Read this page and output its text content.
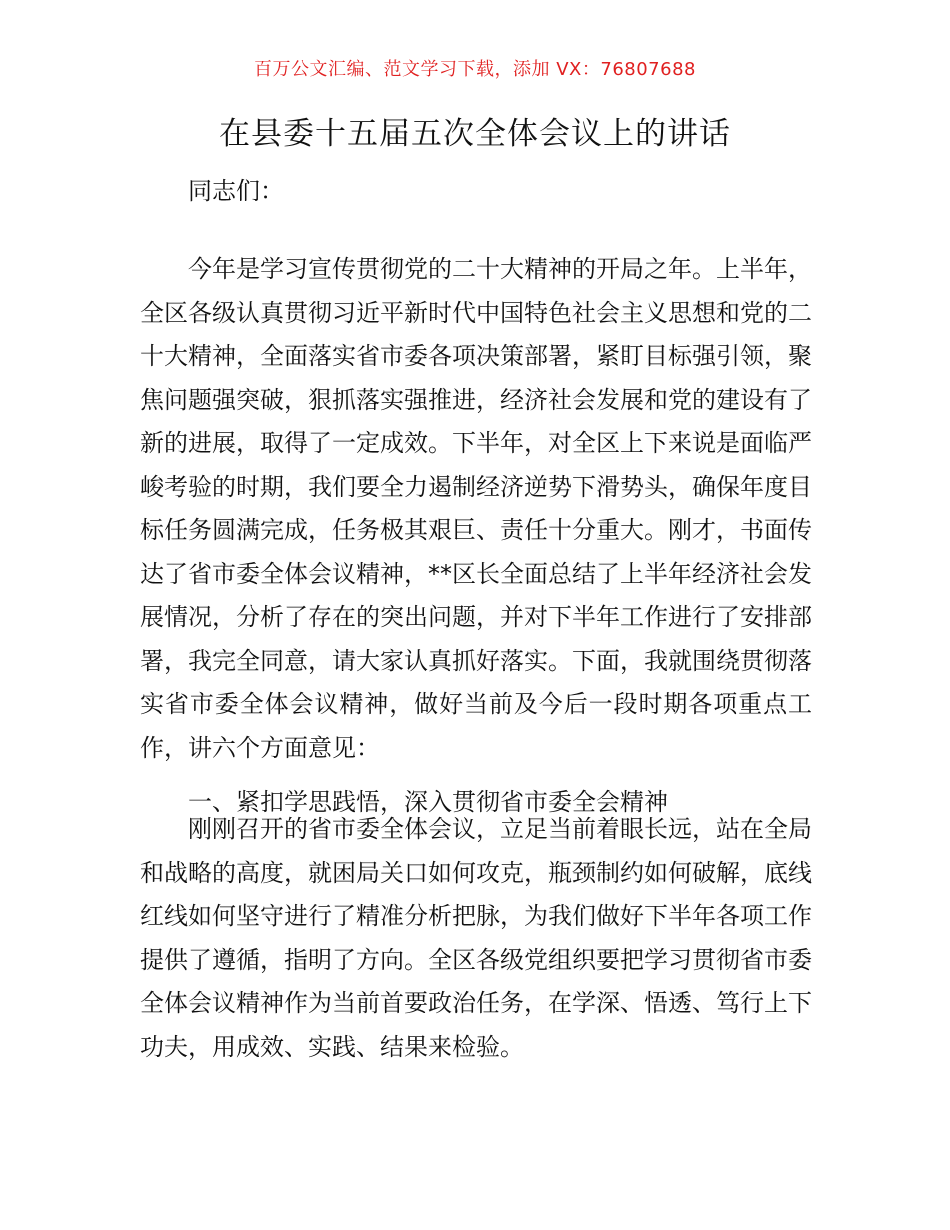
百万公文汇编、范文学习下载，添加 VX：76807688
在县委十五届五次全体会议上的讲话

同志们：

今年是学习宣传贯彻党的二十大精神的开局之年。上半年，全区各级认真贯彻习近平新时代中国特色社会主义思想和党的二十大精神，全面落实省市委各项决策部署，紧盯目标强引领，聚焦问题强突破，狠抓落实强推进，经济社会发展和党的建设有了新的进展，取得了一定成效。下半年，对全区上下来说是面临严峻考验的时期，我们要全力遏制经济逆势下滑势头，确保年度目标任务圆满完成，任务极其艰巨、责任十分重大。刚才，书面传达了省市委全体会议精神，**区长全面总结了上半年经济社会发展情况，分析了存在的突出问题，并对下半年工作进行了安排部署，我完全同意，请大家认真抓好落实。下面，我就围绕贯彻落实省市委全体会议精神，做好当前及今后一段时期各项重点工作，讲六个方面意见：

一、紧扣学思践悟，深入贯彻省市委全会精神

刚刚召开的省市委全体会议，立足当前着眼长远，站在全局和战略的高度，就困局关口如何攻克，瓶颈制约如何破解，底线红线如何坚守进行了精准分析把脉，为我们做好下半年各项工作提供了遵循，指明了方向。全区各级党组织要把学习贯彻省市委全体会议精神作为当前首要政治任务，在学深、悟透、笃行上下功夫，用成效、实践、结果来检验。
